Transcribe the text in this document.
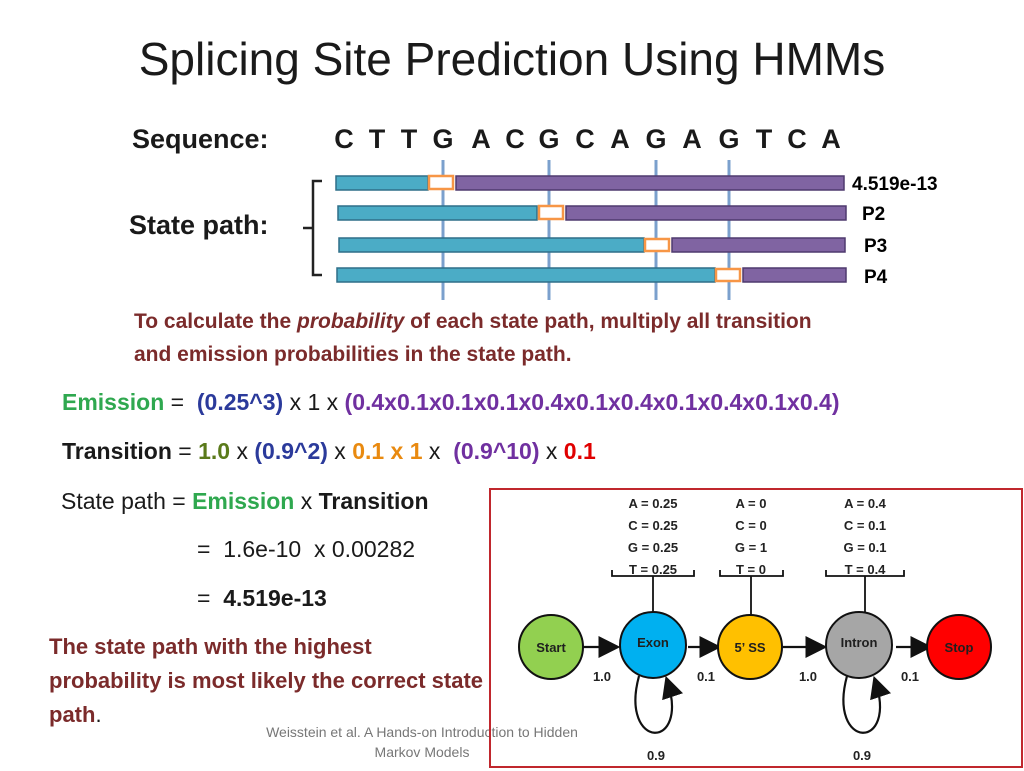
Splicing Site Prediction Using HMMs
Sequence: C T T G A C G C A G A G T C A
State path:
4.519e-13
P2
P3
P4
To calculate the probability of each state path, multiply all transition and emission probabilities in the state path.
Emission =  (0.25^3) x 1 x (0.4x0.1x0.1x0.1x0.4x0.1x0.4x0.1x0.4x0.1x0.4)
Transition = 1.0 x (0.9^2) x 0.1 x 1 x  (0.9^10) x 0.1
State path = Emission x Transition
=  1.6e-10  x 0.00282
=  4.519e-13
The state path with the highest probability is most likely the correct state path.
Weisstein et al. A Hands-on Introduction to Hidden Markov Models
A = 0.25
C = 0.25
G = 0.25
T = 0.25
A = 0
C = 0
G = 1
T = 0
A = 0.4
C = 0.1
G = 0.1
T = 0.4
Start	Exon	5’ SS	Intron	Stop
1.0	0.1	1.0	0.1
0.9	0.9
